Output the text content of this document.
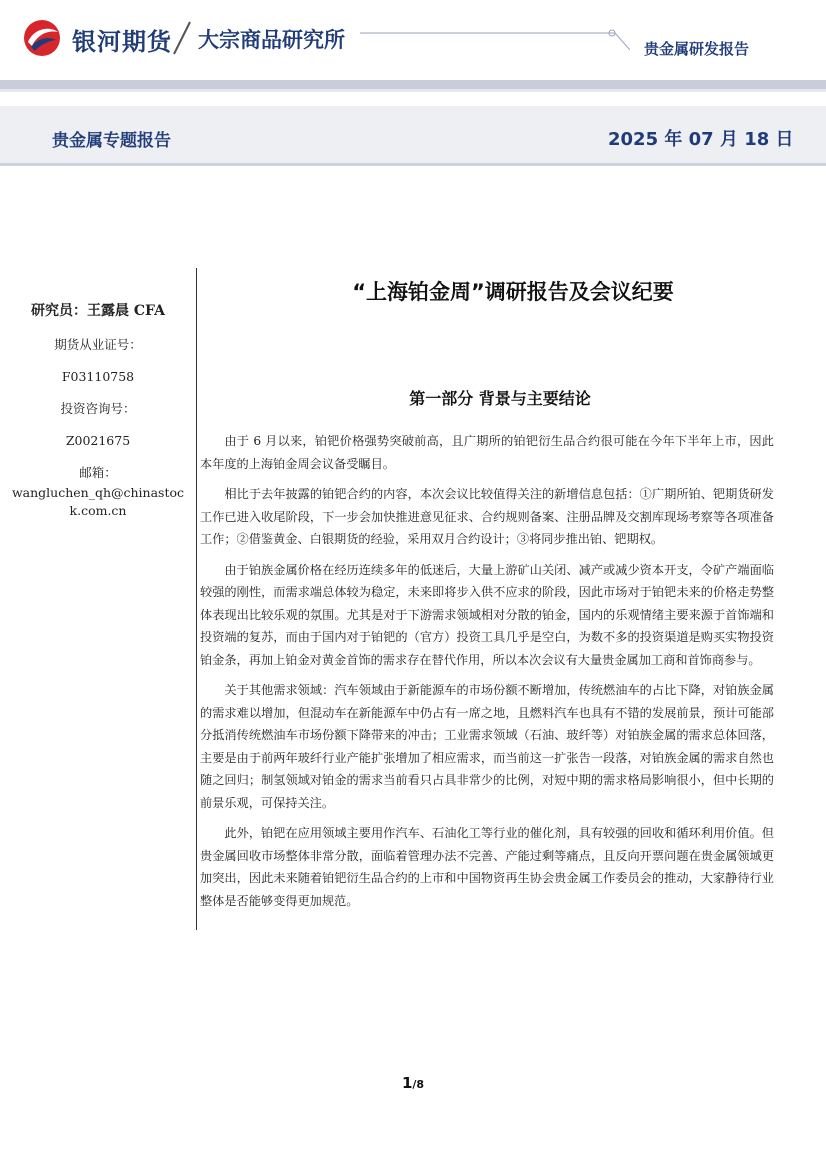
银河期货 大宗商品研究所	贵金属研发报告
贵金属专题报告	2025 年 07 月 18 日
研究员：王露晨 CFA
期货从业证号：
F03110758
投资咨询号：
Z0021675
邮箱：
wangluchen_qh@chinastock.com.cn
“上海铂金周”调研报告及会议纪要
第一部分 背景与主要结论

由于 6 月以来，铂钯价格强势突破前高，且广期所的铂钯衍生品合约很可能在今年下半年上市，因此本年度的上海铂金周会议备受瞩目。

相比于去年披露的铂钯合约的内容，本次会议比较值得关注的新增信息包括：①广期所铂、钯期货研发工作已进入收尾阶段，下一步会加快推进意见征求、合约规则备案、注册品牌及交割库现场考察等各项准备工作；②借鉴黄金、白银期货的经验，采用双月合约设计；③将同步推出铂、钯期权。

由于铂族金属价格在经历连续多年的低迷后，大量上游矿山关闭、减产或减少资本开支，令矿产端面临较强的刚性，而需求端总体较为稳定，未来即将步入供不应求的阶段，因此市场对于铂钯未来的价格走势整体表现出比较乐观的氛围。尤其是对于下游需求领域相对分散的铂金，国内的乐观情绪主要来源于首饰端和投资端的复苏，而由于国内对于铂钯的（官方）投资工具几乎是空白，为数不多的投资渠道是购买实物投资铂金条，再加上铂金对黄金首饰的需求存在替代作用，所以本次会议有大量贵金属加工商和首饰商参与。

关于其他需求领域：汽车领域由于新能源车的市场份额不断增加，传统燃油车的占比下降，对铂族金属的需求难以增加，但混动车在新能源车中仍占有一席之地，且燃料汽车也具有不错的发展前景，预计可能部分抵消传统燃油车市场份额下降带来的冲击；工业需求领域（石油、玻纤等）对铂族金属的需求总体回落，主要是由于前两年玻纤行业产能扩张增加了相应需求，而当前这一扩张告一段落，对铂族金属的需求自然也随之回归；制氢领域对铂金的需求当前看只占具非常少的比例，对短中期的需求格局影响很小，但中长期的前景乐观，可保持关注。

此外，铂钯在应用领域主要用作汽车、石油化工等行业的催化剂，具有较强的回收和循环利用价值。但贵金属回收市场整体非常分散，面临着管理办法不完善、产能过剩等痛点，且反向开票问题在贵金属领域更加突出，因此未来随着铂钯衍生品合约的上市和中国物资再生协会贵金属工作委员会的推动，大家静待行业整体是否能够变得更加规范。

1/8
